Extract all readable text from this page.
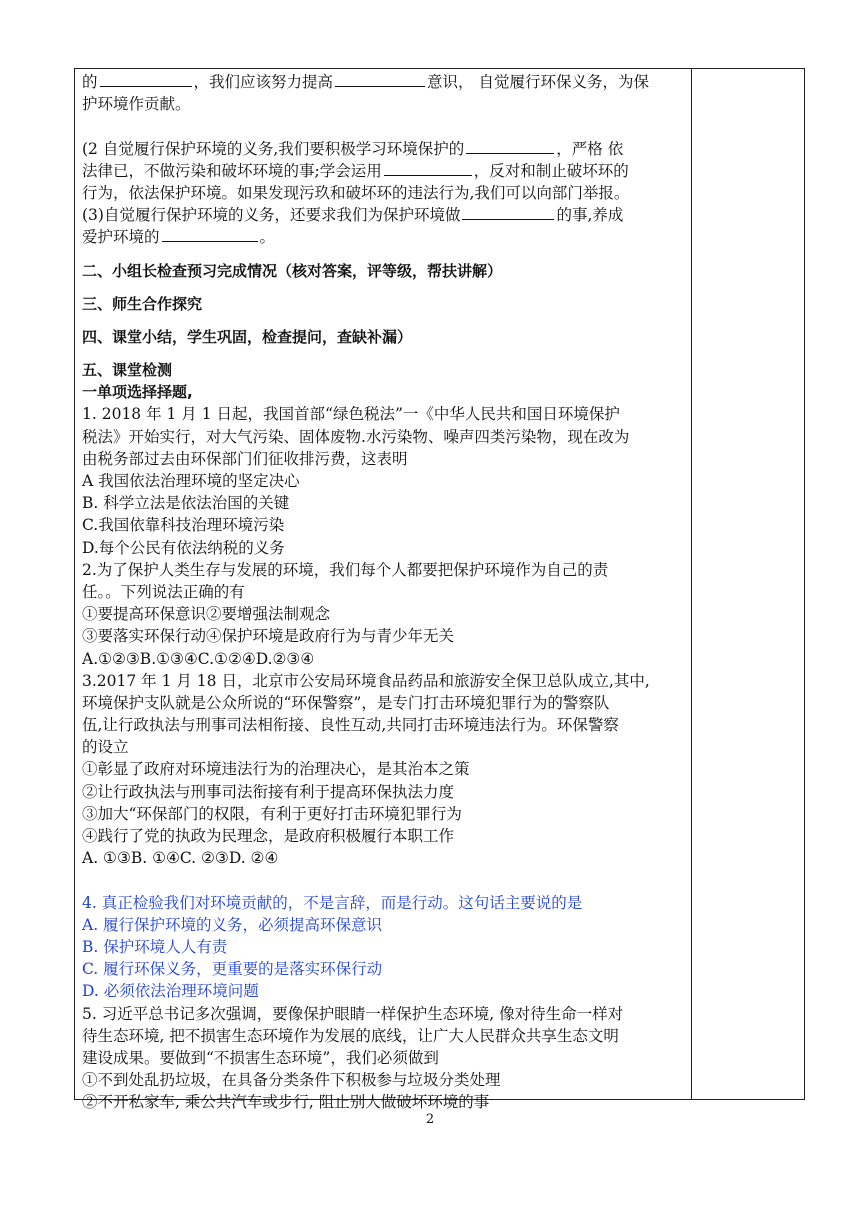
的	，我们应该努力提高	意识， 自觉履行环保义务，为保
护环境作贡献。
(2 自觉履行保护环境的义务,我们要积极学习环境保护的	，严格 依
法律已，不做污染和破坏环境的事;学会运用	，反对和制止破坏环的
行为，依法保护环境。如果发现污玖和破坏环的违法行为,我们可以向部门举报。
(3)自觉履行保护环境的义务，还要求我们为保护环境做	的事,养成
爱护环境的	。
二、小组长检查预习完成情况（核对答案，评等级，帮扶讲解）
三、师生合作探究
四、课堂小结，学生巩固，检查提问，查缺补漏）
五、课堂检测
一单项选择择题,
1. 2018 年 1 月 1 日起，我国首部“绿色税法”一《中华人民共和国日环境保护
税法》开始实行，对大气污染、固体废物.水污染物、噪声四类污染物，现在改为
由税务部过去由环保部门们征收排污费，这表明
A 我国依法治理环境的坚定决心
B. 科学立法是依法治国的关键
C.我国依靠科技治理环境污染
D.每个公民有依法纳税的义务
2.为了保护人类生存与发展的环境，我们每个人都要把保护环境作为自己的责
任。。下列说法正确的有
①要提高环保意识②要增强法制观念
③要落实环保行动④保护环境是政府行为与青少年无关
A.①②③B.①③④C.①②④D.②③④
3.2017 年 1 月 18 日，北京市公安局环境食品药品和旅游安全保卫总队成立,其中,
环境保护支队就是公众所说的“环保警察”，是专门打击环境犯罪行为的警察队
伍,让行政执法与刑事司法相衔接、良性互动,共同打击环境违法行为。环保警察
的设立
①彰显了政府对环境违法行为的治理决心，是其治本之策
②让行政执法与刑事司法衔接有利于提高环保执法力度
③加大“环保部门的权限，有利于更好打击环境犯罪行为
④践行了党的执政为民理念，是政府积极履行本职工作
A. ①③B. ①④C. ②③D. ②④
4. 真正检验我们对环境贡献的，不是言辞，而是行动。这句话主要说的是
A. 履行保护环境的义务，必须提高环保意识
B. 保护环境人人有责
C. 履行环保义务，更重要的是落实环保行动
D. 必须依法治理环境问题
5. 习近平总书记多次强调，要像保护眼睛一样保护生态环境, 像对待生命一样对
待生态环境, 把不损害生态环境作为发展的底线，让广大人民群众共享生态文明
建设成果。要做到“不损害生态环境”，我们必须做到
①不到处乱扔垃圾，在具备分类条件下积极参与垃圾分类处理
②不开私家车, 乘公共汽车或步行, 阻止别人做破坏环境的事
2
